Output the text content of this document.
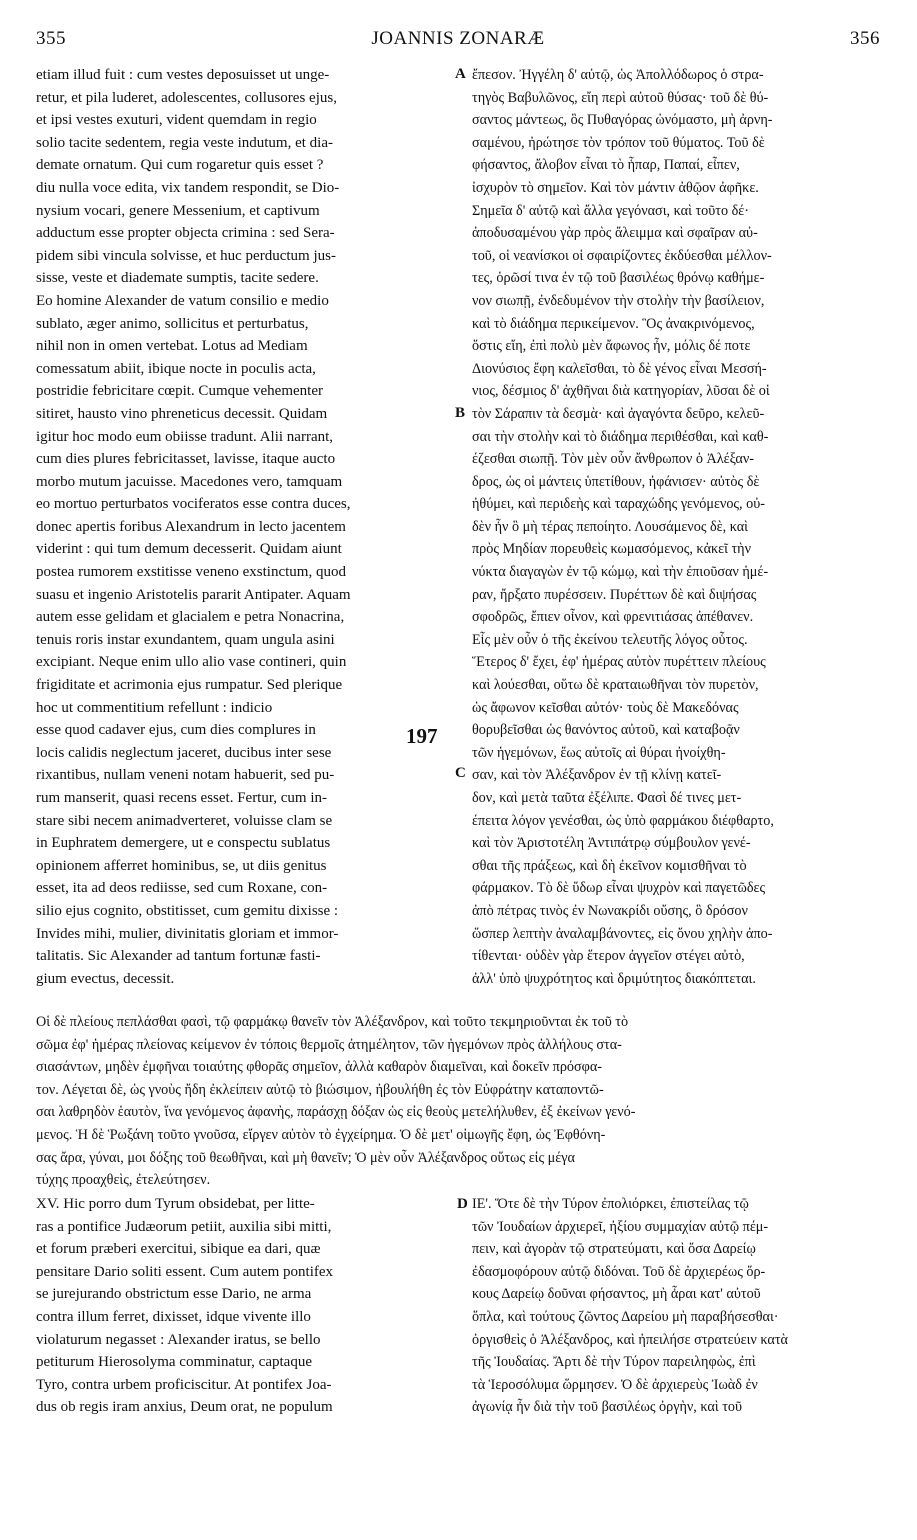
355	JOANNIS ZONARÆ	356
etiam illud fuit : cum vestes deposuisset ut unge-
retur, et pila luderet, adolescentes, collusores ejus,
et ipsi vestes exuturi, vident quemdam in regio
solio tacite sedentem, regia veste indutum, et dia-
demate ornatum. Qui cum rogaretur quis esset ?
diu nulla voce edita, vix tandem respondit, se Dio-
nysium vocari, genere Messenium, et captivum
adductum esse propter objecta crimina : sed Sera-
pidem sibi vincula solvisse, et huc perductum jus-
sisse, veste et diademate sumptis, tacite sedere.
Eo homine Alexander de vatum consilio e medio
sublato, æger animo, sollicitus et perturbatus,
nihil non in omen vertebat. Lotus ad Mediam
comessatum abiit, ibique nocte in poculis acta,
postridie febricitare cœpit. Cumque vehementer
sitiret, hausto vino phreneticus decessit. Quidam
igitur hoc modo eum obiisse tradunt. Alii narrant,
cum dies plures febricitasset, lavisse, itaque aucto
morbo mutum jacuisse. Macedones vero, tamquam
eo mortuo perturbatos vociferatos esse contra duces,
donec apertis foribus Alexandrum in lecto jacentem
viderint : qui tum demum decesserit. Quidam aiunt
postea rumorem exstitisse veneno exstinctum, quod
suasu et ingenio Aristotelis pararit Antipater. Aquam
autem esse gelidam et glacialem e petra Nonacrina,
tenuis roris instar exundantem, quam ungula asini
excipiant. Neque enim ullo alio vase contineri, quin
frigiditate et acrimonia ejus rumpatur. Sed plerique
hoc ut commentitium refellunt : indicio
esse quod cadaver ejus, cum dies complures in
locis calidis neglectum jaceret, ducibus inter sese
rixantibus, nullam veneni notam habuerit, sed pu-
rum manserit, quasi recens esset. Fertur, cum in-
stare sibi necem animadverteret, voluisse clam se
in Euphratem demergere, ut e conspectu sublatus
opinionem afferret hominibus, se, ut diis genitus
esset, ita ad deos rediisse, sed cum Roxane, con-
silio ejus cognito, obstitisset, cum gemitu dixisse :
Invides mihi, mulier, divinitatis gloriam et immor-
talitatis. Sic Alexander ad tantum fortunæ fasti-
gium evectus, decessit.
ἔπεσον. Ἠγγέλη δ' αὐτῷ, ὡς Ἀπολλόδωρος ὁ στρα-
τηγὸς Βαβυλῶνος, εἴη περὶ αὐτοῦ θύσας· τοῦ δὲ θύ-
σαντος μάντεως, ὃς Πυθαγόρας ὠνόμαστο, μὴ ἀρνη-
σαμένου, ἠρώτησε τὸν τρόπον τοῦ θύματος. Τοῦ δὲ
φήσαντος, ἄλοβον εἶναι τὸ ἧπαρ, Παπαί, εἶπεν,
ἰσχυρὸν τὸ σημεῖον. Καὶ τὸν μάντιν ἀθῷον ἀφῆκε.
Σημεῖα δ' αὐτῷ καὶ ἄλλα γεγόνασι, καὶ τοῦτο δέ·
ἀποδυσαμένου γὰρ πρὸς ἄλειμμα καὶ σφαῖραν αὐ-
τοῦ, οἱ νεανίσκοι οἱ σφαιρίζοντες ἐκδύεσθαι μέλλον-
τες, ὁρῶσί τινα ἐν τῷ τοῦ βασιλέως θρόνῳ καθήμε-
νον σιωπῇ, ἐνδεδυμένον τὴν στολὴν τὴν βασίλειον,
καὶ τὸ διάδημα περικείμενον. Ὃς ἀνακρινόμενος,
ὅστις εἴη, ἐπὶ πολὺ μὲν ἄφωνος ἦν, μόλις δέ ποτε
Διονύσιος ἔφη καλεῖσθαι, τὸ δὲ γένος εἶναι Μεσσή-
νιος, δέσμιος δ' ἀχθῆναι διὰ κατηγορίαν, λῦσαι δὲ οἱ
τὸν Σάραπιν τὰ δεσμὰ· καὶ ἀγαγόντα δεῦρο, κελεῦ-
σαι τὴν στολὴν καὶ τὸ διάδημα περιθέσθαι, καὶ καθ-
έζεσθαι σιωπῇ. Τὸν μὲν οὖν ἄνθρωπον ὁ Ἀλέξαν-
δρος, ὡς οἱ μάντεις ὑπετίθουν, ἠφάνισεν· αὐτὸς δὲ
ἠθύμει, καὶ περιδεὴς καὶ ταραχώδης γενόμενος, οὐ-
δὲν ἦν ὃ μὴ τέρας πεποίητο. Λουσάμενος δὲ, καὶ
πρὸς Μηδίαν πορευθεὶς κωμασόμενος, κἀκεῖ τὴν
νύκτα διαγαγὼν ἐν τῷ κώμῳ, καὶ τὴν ἐπιοῦσαν ἡμέ-
ραν, ἤρξατο πυρέσσειν. Πυρέττων δὲ καὶ διψήσας
σφοδρῶς, ἔπιεν οἶνον, καὶ φρενιτιάσας ἀπέθανεν.
Εἷς μὲν οὖν ὁ τῆς ἐκείνου τελευτῆς λόγος οὗτος.
Ἕτερος δ' ἔχει, ἐφ' ἡμέρας αὐτὸν πυρέττειν πλείους
καὶ λούεσθαι, οὕτω δὲ κραταιωθῆναι τὸν πυρετὸν,
ὡς ἄφωνον κεῖσθαι αὐτόν· τοὺς δὲ Μακεδόνας
θορυβεῖσθαι ὡς θανόντος αὐτοῦ, καὶ καταβοᾷν
τῶν ἡγεμόνων, ἕως αὐτοῖς αἱ θύραι ἠνοίχθη-
σαν, καὶ τὸν Ἀλέξανδρον ἐν τῇ κλίνῃ κατεῖ-
δον, καὶ μετὰ ταῦτα ἐξέλιπε. Φασὶ δέ τινες μετ-
έπειτα λόγον γενέσθαι, ὡς ὑπὸ φαρμάκου διέφθαρτο,
καὶ τὸν Ἀριστοτέλη Ἀντιπάτρῳ σύμβουλον γενέ-
σθαι τῆς πράξεως, καὶ δὴ ἐκεῖνον κομισθῆναι τὸ
φάρμακον. Τὸ δὲ ὕδωρ εἶναι ψυχρὸν καὶ παγετῶδες
ἀπὸ πέτρας τινὸς ἐν Νωνακρίδι οὔσης, ὃ δρόσον
ὥσπερ λεπτὴν ἀναλαμβάνοντες, εἰς ὄνου χηλὴν ἀπο-
τίθενται· οὐδὲν γὰρ ἕτερον ἀγγεῖον στέγει αὐτὸ,
ἀλλ' ὑπὸ ψυχρότητος καὶ δριμύτητος διακόπτεται.
Οἱ δὲ πλείους πεπλάσθαι φασὶ, τῷ φαρμάκῳ θανεῖν τὸν Ἀλέξανδρον, καὶ τοῦτο τεκμηριοῦνται ἐκ τοῦ τὸ
σῶμα ἐφ' ἡμέρας πλείονας κείμενον ἐν τόποις θερμοῖς ἀτημέλητον, τῶν ἡγεμόνων πρὸς ἀλλήλους στα-
σιασάντων, μηδὲν ἐμφῆναι τοιαύτης φθορᾶς σημεῖον, ἀλλὰ καθαρὸν διαμεῖναι, καὶ δοκεῖν πρόσφα-
τον. Λέγεται δὲ, ὡς γνοὺς ἤδη ἐκλείπειν αὐτῷ τὸ βιώσιμον, ἠβουλήθη ἐς τὸν Εὐφράτην καταποντῶ-
σαι λαθρηδὸν ἑαυτὸν, ἵνα γενόμενος ἀφανὴς, παράσχῃ δόξαν ὡς εἰς θεοὺς μετελήλυθεν, ἐξ ἐκείνων γενό-
μενος. Ἡ δὲ Ῥωξάνη τοῦτο γνοῦσα, εἴργεν αὐτὸν τὸ ἐγχείρημα. Ὁ δὲ μετ' οἰμωγῆς ἔφη, ὡς Ἐφθόνη-
σας ἄρα, γύναι, μοι δόξης τοῦ θεωθῆναι, καὶ μὴ θανεῖν; Ὁ μὲν οὖν Ἀλέξανδρος οὕτως εἰς μέγα
τύχης προαχθεὶς, ἐτελεύτησεν.
XV. Hic porro dum Tyrum obsidebat, per litte-
ras a pontifice Judæorum petiit, auxilia sibi mitti,
et forum præberi exercitui, sibique ea dari, quæ
pensitare Dario soliti essent. Cum autem pontifex
se jurejurando obstrictum esse Dario, ne arma
contra illum ferret, dixisset, idque vivente illo
violaturum negasset : Alexander iratus, se bello
petiturum Hierosolyma comminatur, captaque
Tyro, contra urbem proficiscitur. At pontifex Joa-
dus ob regis iram anxius, Deum orat, ne populum
ΙΕ'. Ὅτε δὲ τὴν Τύρον ἐπολιόρκει, ἐπιστείλας τῷ
τῶν Ἰουδαίων ἀρχιερεῖ, ἠξίου συμμαχίαν αὐτῷ πέμ-
πειν, καὶ ἀγορὰν τῷ στρατεύματι, καὶ ὅσα Δαρείῳ
ἐδασμοφόρουν αὐτῷ διδόναι. Τοῦ δὲ ἀρχιερέως ὅρ-
κους Δαρείῳ δοῦναι φήσαντος, μὴ ἆραι κατ' αὐτοῦ
ὅπλα, καὶ τούτους ζῶντος Δαρείου μὴ παραβήσεσθαι·
ὀργισθεὶς ὁ Ἀλέξανδρος, καὶ ἠπειλήσε στρατεύειν κατὰ
τῆς Ἰουδαίας. Ἄρτι δὲ τὴν Τύρον παρειληφὼς, ἐπὶ
τὰ Ἱεροσόλυμα ὥρμησεν. Ὁ δὲ ἀρχιερεὺς Ἰωὰδ ἐν
ἀγωνίᾳ ἦν διὰ τὴν τοῦ βασιλέως ὀργὴν, καὶ τοῦ
A
B
C
D
197
